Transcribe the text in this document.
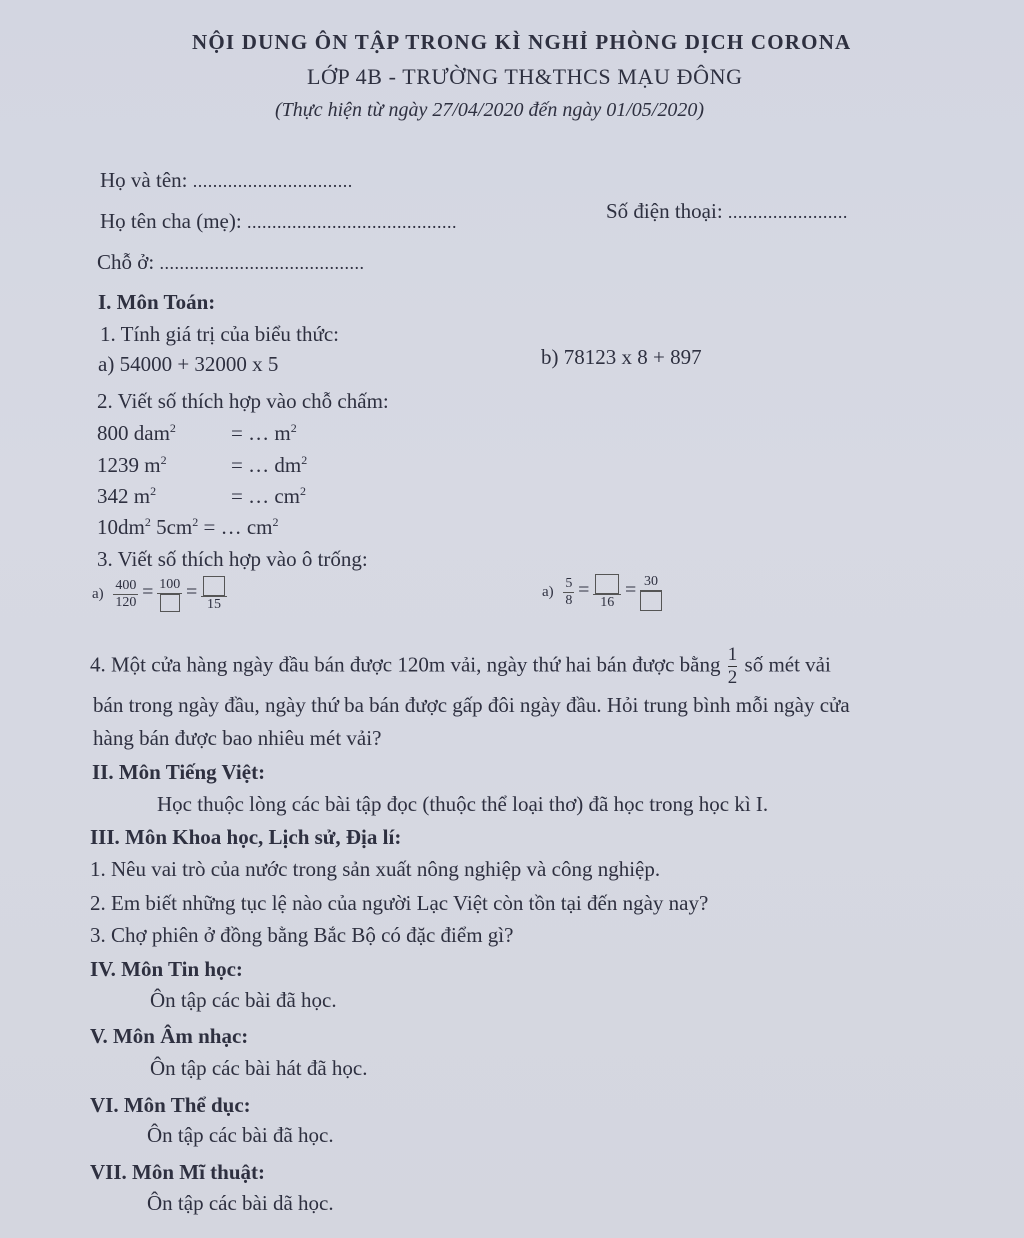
NỘI DUNG ÔN TẬP TRONG KÌ NGHỈ PHÒNG DỊCH CORONA
LỚP 4B - TRƯỜNG TH&THCS MẠU ĐÔNG
(Thực hiện từ ngày 27/04/2020 đến ngày 01/05/2020)
Họ và tên: ................................
Họ tên cha (mẹ): ..........................................	Số điện thoại: ........................
Chỗ ở: .........................................
I. Môn Toán:
1. Tính giá trị của biểu thức:
a) 54000 + 32000 x 5	b) 78123 x 8 + 897
2. Viết số thích hợp vào chỗ chấm:
800 dam$^2$	= … $m^2$
1239 $m^2$	= … $dm^2$
342 $m^2$	= … $cm^2$
$10dm^2$ $5cm^2$ = … $cm^2$
3. Viết số thích hợp vào ô trống:
$a) \frac{400}{120} = 100$ =
15
$a) \frac{5}{8}$ =
16
= 30
4. Một cửa hàng ngày đầu bán được 120m vải, ngày thứ hai bán được bằng $\frac{1}{2}$ số mét vải
bán trong ngày đầu, ngày thứ ba bán được gấp đôi ngày đầu. Hỏi trung bình mỗi ngày cửa
hàng bán được bao nhiêu mét vải?
II. Môn Tiếng Việt:
Học thuộc lòng các bài tập đọc (thuộc thể loại thơ) đã học trong học kì I.
III. Môn Khoa học, Lịch sử, Địa lí:
1. Nêu vai trò của nước trong sản xuất nông nghiệp và công nghiệp.
2. Em biết những tục lệ nào của người Lạc Việt còn tồn tại đến ngày nay?
3. Chợ phiên ở đồng bằng Bắc Bộ có đặc điểm gì?
IV. Môn Tin học:
Ôn tập các bài đã học.
V. Môn Âm nhạc:
Ôn tập các bài hát đã học.
VI. Môn Thể dục:
Ôn tập các bài đã học.
VII. Môn Mĩ thuật:
Ôn tập các bài dã học.
